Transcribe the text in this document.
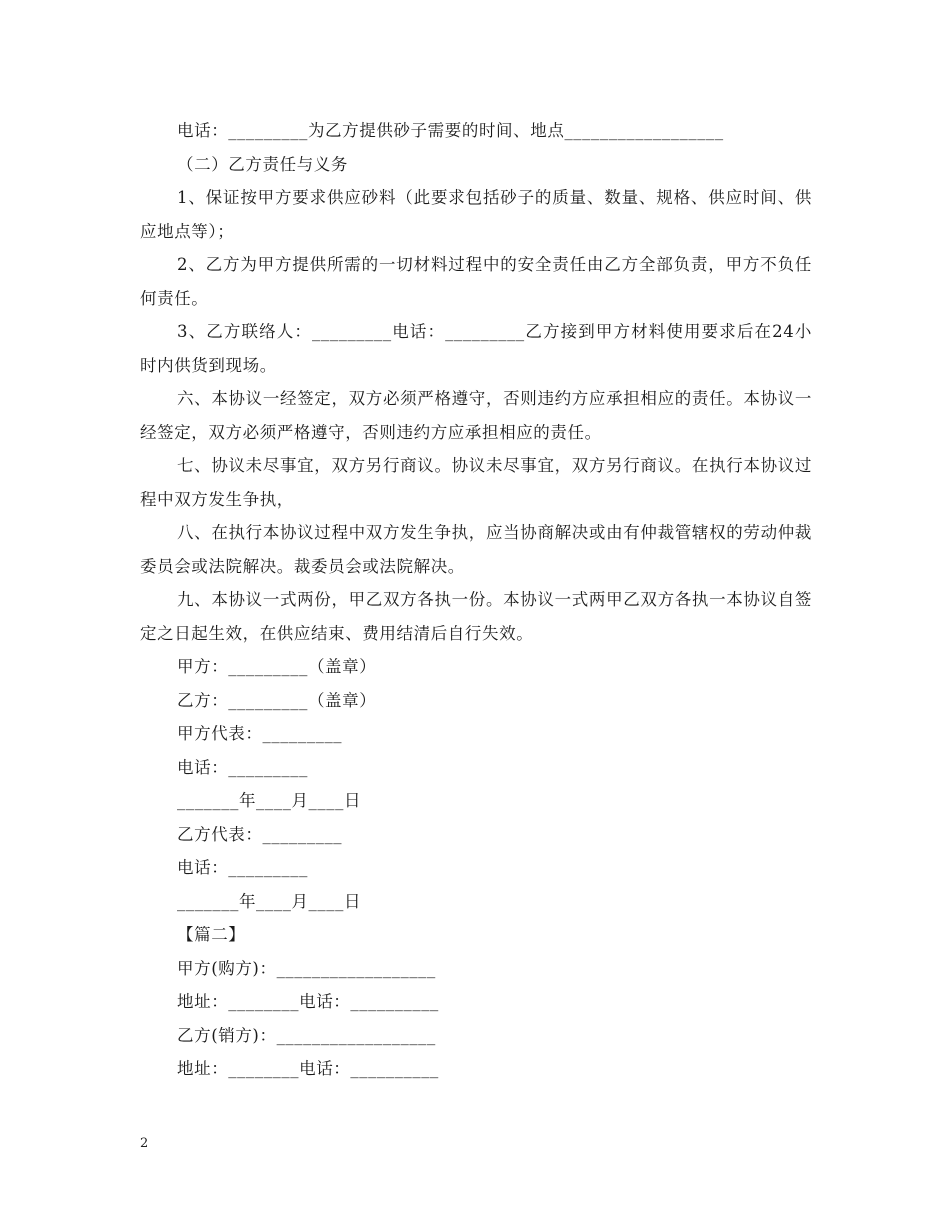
电话：_________为乙方提供砂子需要的时间、地点__________________
（二）乙方责任与义务
1、保证按甲方要求供应砂料（此要求包括砂子的质量、数量、规格、供应时间、供应地点等）；
2、乙方为甲方提供所需的一切材料过程中的安全责任由乙方全部负责，甲方不负任何责任。
3、乙方联络人：_________电话：_________乙方接到甲方材料使用要求后在24小时内供货到现场。
六、本协议一经签定，双方必须严格遵守，否则违约方应承担相应的责任。本协议一经签定，双方必须严格遵守，否则违约方应承担相应的责任。
七、协议未尽事宜，双方另行商议。协议未尽事宜，双方另行商议。在执行本协议过程中双方发生争执，
八、在执行本协议过程中双方发生争执，应当协商解决或由有仲裁管辖权的劳动仲裁委员会或法院解决。裁委员会或法院解决。
九、本协议一式两份，甲乙双方各执一份。本协议一式两甲乙双方各执一本协议自签定之日起生效，在供应结束、费用结清后自行失效。
甲方：_________（盖章）
乙方：_________（盖章）
甲方代表：_________
电话：_________
_______年____月____日
乙方代表：_________
电话：_________
_______年____月____日
【篇二】
甲方(购方)：__________________
地址：________电话：__________
乙方(销方)：__________________
地址：________电话：__________
2
